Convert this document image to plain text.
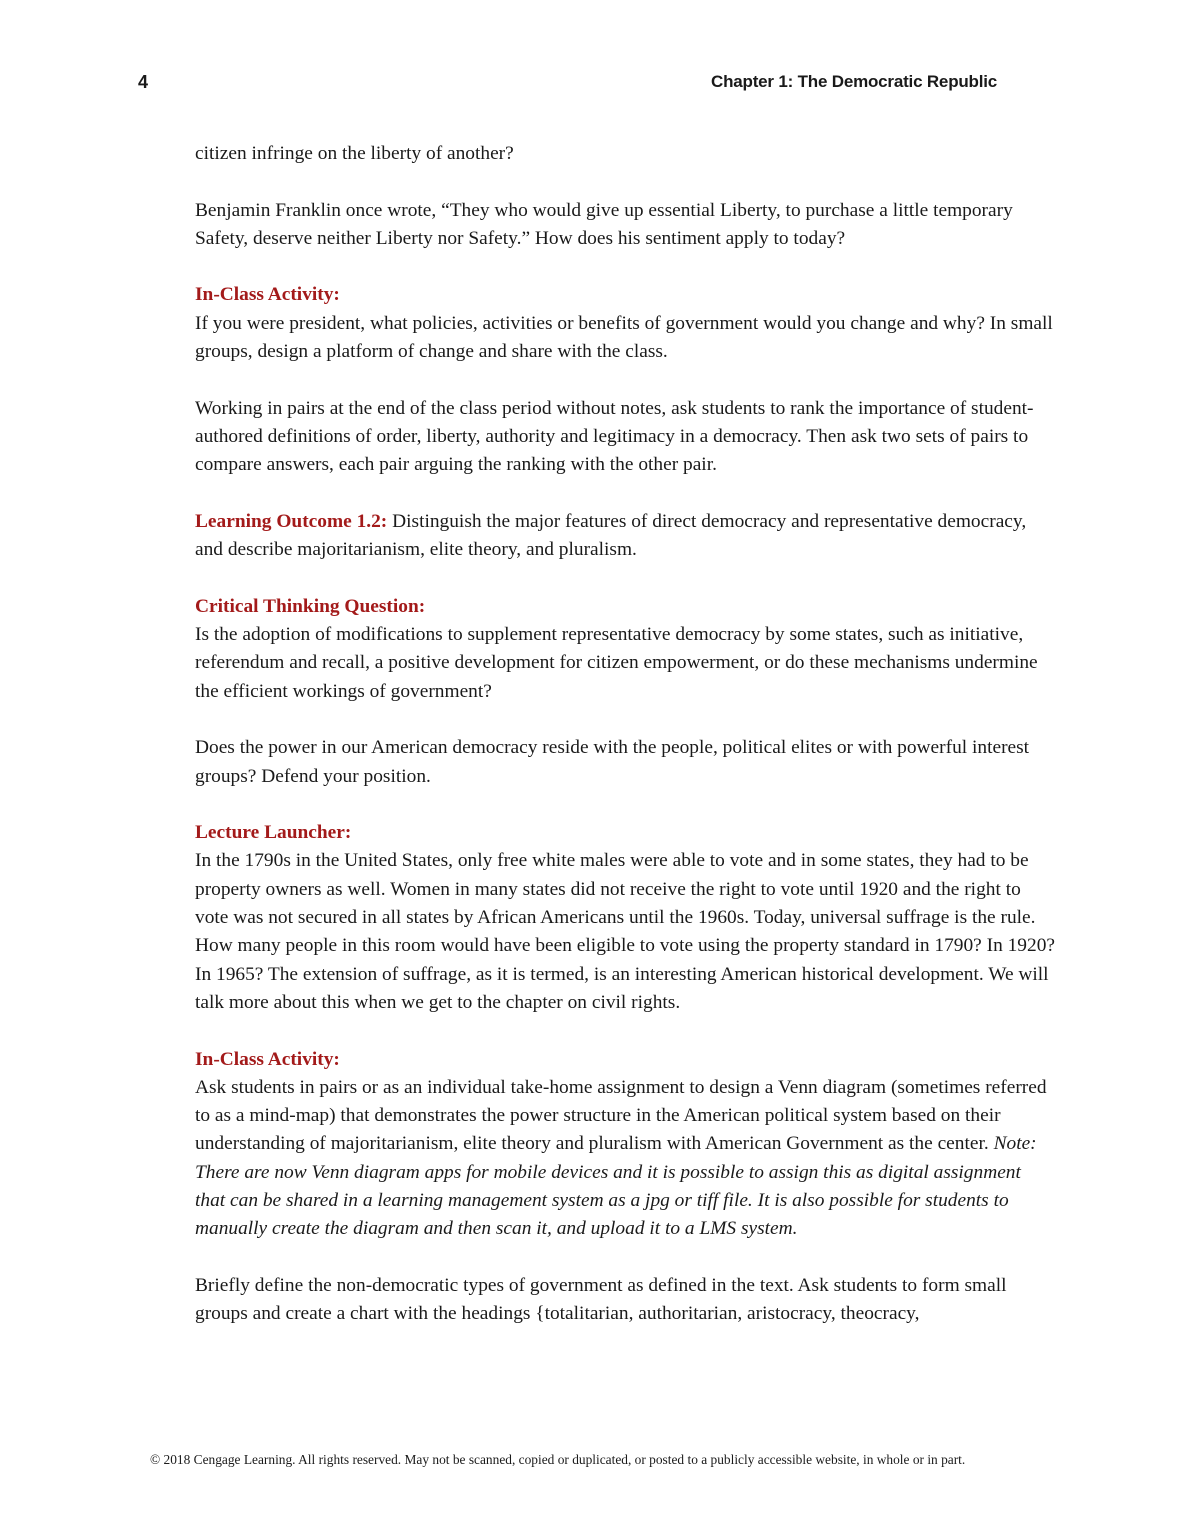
4	Chapter 1: The Democratic Republic

citizen infringe on the liberty of another?

Benjamin Franklin once wrote, “They who would give up essential Liberty, to purchase a little temporary Safety, deserve neither Liberty nor Safety.” How does his sentiment apply to today?

In-Class Activity:
If you were president, what policies, activities or benefits of government would you change and why? In small groups, design a platform of change and share with the class.

Working in pairs at the end of the class period without notes, ask students to rank the importance of student-authored definitions of order, liberty, authority and legitimacy in a democracy. Then ask two sets of pairs to compare answers, each pair arguing the ranking with the other pair.

Learning Outcome 1.2: Distinguish the major features of direct democracy and representative democracy, and describe majoritarianism, elite theory, and pluralism.

Critical Thinking Question:
Is the adoption of modifications to supplement representative democracy by some states, such as initiative, referendum and recall, a positive development for citizen empowerment, or do these mechanisms undermine the efficient workings of government?

Does the power in our American democracy reside with the people, political elites or with powerful interest groups? Defend your position.

Lecture Launcher:
In the 1790s in the United States, only free white males were able to vote and in some states, they had to be property owners as well. Women in many states did not receive the right to vote until 1920 and the right to vote was not secured in all states by African Americans until the 1960s. Today, universal suffrage is the rule. How many people in this room would have been eligible to vote using the property standard in 1790? In 1920? In 1965? The extension of suffrage, as it is termed, is an interesting American historical development. We will talk more about this when we get to the chapter on civil rights.

In-Class Activity:
Ask students in pairs or as an individual take-home assignment to design a Venn diagram (sometimes referred to as a mind-map) that demonstrates the power structure in the American political system based on their understanding of majoritarianism, elite theory and pluralism with American Government as the center. Note: There are now Venn diagram apps for mobile devices and it is possible to assign this as digital assignment that can be shared in a learning management system as a jpg or tiff file. It is also possible for students to manually create the diagram and then scan it, and upload it to a LMS system.

Briefly define the non-democratic types of government as defined in the text. Ask students to form small groups and create a chart with the headings {totalitarian, authoritarian, aristocracy, theocracy,

© 2018 Cengage Learning. All rights reserved. May not be scanned, copied or duplicated, or posted to a publicly accessible website, in whole or in part.
